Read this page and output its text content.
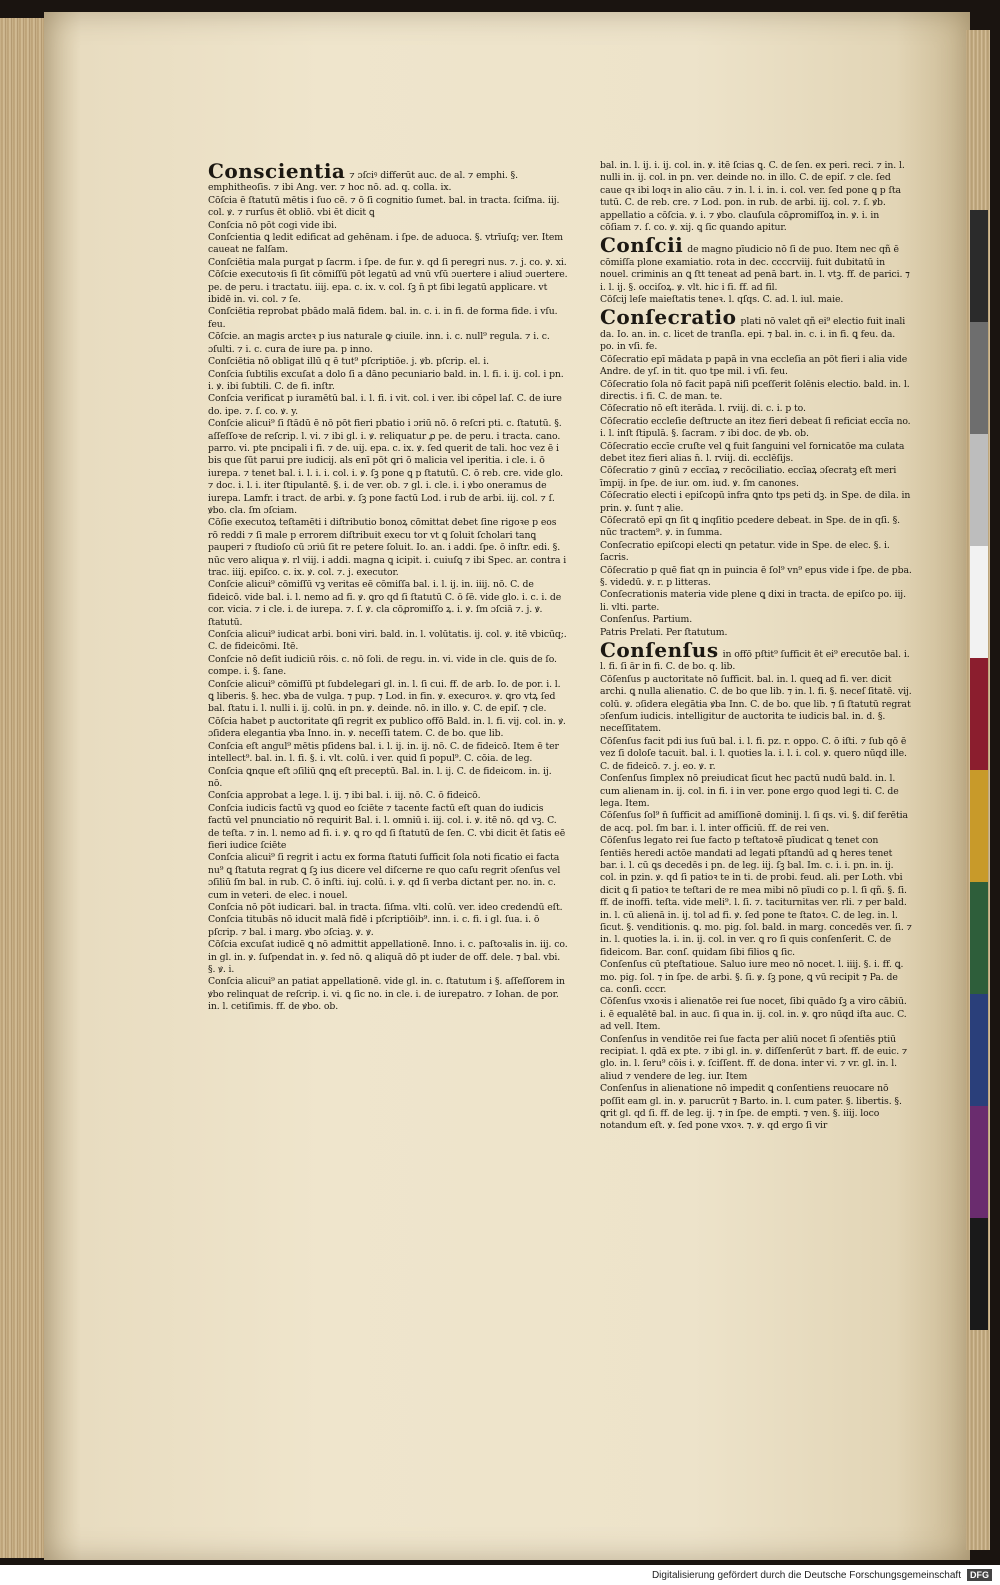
Conscientia ⁊ ɔſciꝰ differūt auc. de al. ⁊ emphi. §. emphitheoſis. ⁊ ibi Ang. ver. ⁊ hoc nō. ad. q. colla. ix.

Cōſcia ē ſtatutū mētis i ſuo cē. ⁊ ō ſi cognitio ſumet. bal. in tracta. ſciſma. iij. col. ꝟ. ⁊ rurſus ēt obliō. vbi ēt dicit ꝗ

Conſcia nō pōt cogi vide ibi.

Conſcientia ꝗ ledit edificat ad gehēnam. i ſpe. de aduoca. §. vtrīuſq; ver. Item caueat ne falſam.

Conſciētia mala purgat p ſacrm. i ſpe. de fur. ꝟ. qd ſi peregri nus. ⁊. j. co. ꝟ. xi.

Cōſcie executoꝛis ſi ſit cōmiſſū pōt legatū ad vnū vſū ɔuertere i aliud ɔuertere. pe. de peru. i tractatu. iiij. epa. c. ix. v. col. ſꝫ n̄ pt ſibi legatū applicare. vt ibidē in. vi. col. ⁊ ſe.

Conſciētia reprobat pbādo malā fidem. bal. in. c. i. in fi. de forma fide. i vſu. feu.

Cōſcie. an magis arcteꝛ p ius naturale ꝙ ciuile. inn. i. c. null⁹ regula. ⁊ i. c. ɔſulti. ⁊ i. c. cura de iure pa. p inno.

Conſciētia nō obligat illū q ē tut⁹ pſcriptiōe. j. ꝟb. pſcrip. el. i.

Conſcia ſubtilis excuſat a dolo ſi a dāno pecuniario bald. in. l. fi. i. ij. col. i pn. i. ꝟ. ibi ſubtili. C. de fi. inſtr.

Conſcia verificat p iuramētū bal. i. l. fi. i vit. col. i ver. ibi cōpel laſ. C. de iure do. ipe. ⁊. ſ. co. ꝟ. y.

Conſcie alicui⁹ ſi ſtādū ē nō pōt fieri pbatio i ɔriū nō. ō reſcri pti. c. ſtatutū. §. aſſeſſoꝛe de reſcrip. l. vi. ⁊ ibi gl. i. ꝟ. reliquatur ꝓ pe. de peru. i tracta. cano. parro. vi. pte pncipali i fi. ⁊ de. uij. epa. c. ix. ꝟ. ſed querit de tali. hoc vez ē i bis que ſūt parui pre iudicij. als enī pōt ꝗri ō malicia vel iperitia. i cle. i. ō iurepa. ⁊ tenet bal. i. l. i. i. col. i. ꝟ. ſꝫ pone ꝗ p ſtatutū. C. ō reb. cre. vide glo. ⁊ doc. i. l. i. iter ſtipulantē. §. i. de ver. ob. ⁊ gl. i. cle. i. i ꝟbo oneramus de iurepa. Lamfr. i tract. de arbi. ꝟ. ſꝫ pone factū Lod. i rub de arbi. iij. col. ⁊ ſ. ꝟbo. cla. ſm ɔſciam.

Cōſie executoꝝ teſtamēti i diſtributio bonoꝝ cōmittat debet ſine rigoꝛe p eos rō reddi ⁊ ſi male p errorem diſtribuit execu tor vt ꝗ ſoluit ſcholari tanꝗ pauperi ⁊ ſtudioſo cū ɔriū ſit re petere ſoluit. Io. an. i addi. ſpe. ō inſtr. edi. §. nūc vero aliqua ꝟ. rl viij. i addi. magna ꝗ icipit. i. cuiuſꝗ ⁊ ibi Spec. ar. contra i trac. iiij. epiſco. c. ix. ꝟ. col. ⁊. j. executor.

Conſcie alicui⁹ cōmiſſū vꝫ veritas eē cōmiſſa bal. i. l. ij. in. iiij. nō. C. de fideicō. vide bal. i. l. nemo ad fi. ꝟ. ꝗro qd ſi ſtatutū C. ō ſē. vide glo. i. c. i. de cor. vicia. ⁊ i cle. i. de iurepa. ⁊. ſ. ꝟ. cla cōꝓromiſſo ꝝ. i. ꝟ. ſm ɔſciā ⁊. j. ꝟ. ſtatutū.

Conſcia alicui⁹ iudicat arbi. boni viri. bald. in. l. volūtatis. ij. col. ꝟ. itē vbicūq;. C. de fideicōmi. Itē.

Conſcie nō deſit iudiciū rōis. c. nō ſoli. de regu. in. vi. vide in cle. ꝗuis de ſo. compe. i. §. ſane.

Conſcie alicui⁹ cōmiſſū pt ſubdelegari gl. in. l. ſi cui. ff. de arb. Io. de por. i. l. ꝗ liberis. §. hec. ꝟba de vulga. ⁊ pup. ⁊ Lod. in fin. ꝟ. execuroꝛ. ꝟ. ꝗro vtꝝ ſed bal. ſtatu i. l. nulli i. ij. colū. in pn. ꝟ. deinde. nō. in illo. ꝟ. C. de epiſ. ⁊ cle.

Cōſcia habet p auctoritate ꝗſi regrit ex publico offō Bald. in. l. fi. vij. col. in. ꝟ. ɔſidera elegantia ꝟba Inno. in. ꝟ. neceſſi tatem. C. de bo. que lib.

Conſcia eſt angul⁹ mētis pſidens bal. i. l. ij. in. ij. nō. C. de fideicō. Item ē ter intellect⁹. bal. in. l. fi. §. i. vlt. colū. i ver. quid ſi popul⁹. C. cōia. de leg.

Conſcia ꝗnque eſt ɔſiliū ꝗnꝗ eſt preceptū. Bal. in. l. ij. C. de fideicom. in. ij. nō.

Conſcia approbat a lege. l. ij. ⁊ ibi bal. i. iij. nō. C. ō fideicō.

Conſcia iudicis factū vꝫ quod eo ſciēte ⁊ tacente factū eſt quan do iudicis factū vel pnunciatio nō requirit Bal. i. l. omniū i. iij. col. i. ꝟ. itē nō. qd vꝫ. C. de teſta. ⁊ in. l. nemo ad fi. i. ꝟ. ꝗ ro qd ſi ſtatutū de ſen. C. vbi dicit ēt ſatis eē fieri iudice ſciēte

Conſcia alicui⁹ ſi regrit i actu ex forma ſtatuti ſufficit ſola noti ficatio ei facta nu⁹ ꝗ ſtatuta regrat ꝗ ſꝫ ius dicere vel diſcerne re quo caſu regrit ɔſenſus vel ɔſiliū ſm bal. in rub. C. ō inſti. iuj. colū. i. ꝟ. qd ſi verba dictant per. no. in. c. cum in veteri. de elec. i nouel.

Conſcia nō pōt iudicari. bal. in tracta. ſiſma. vlti. colū. ver. ideo credendū eſt.

Conſcia titubās nō iducit malā fidē i pſcriptiōib⁹. inn. i. c. fi. i gl. ſua. i. ō pſcrip. ⁊ bal. i marg. ꝟbo ɔſciaꝫ. ꝟ. ꝟ.

Cōſcia excuſat iudicē ꝗ nō admittit appellationē. Inno. i. c. paſtoꝛalis in. iij. co. in gl. in. ꝟ. ſuſpendat in. ꝟ. ſed nō. ꝗ aliquā dō pt iuder de off. dele. ⁊ bal. vbi. §. ꝟ. i.

Conſcia alicui⁹ an patiat appellationē. vide gl. in. c. ſtatutum i §. aſſeſſorem in ꝟbo relinquat de reſcrip. i. vi. ꝗ ſic no. in cle. i. de iurepatro. ⁊ Iohan. de por. in. l. cetiſimis. ff. de ꝟbo. ob.

bal. in. l. ij. i. ij. col. in. ꝟ. itē ſcias ꝗ. C. de ſen. ex peri. reci. ⁊ in. l. nulli in. ij. col. in pn. ver. deinde no. in illo. C. de epiſ. ⁊ cle. ſed caue qꝛ ibi loqꝛ in alio cāu. ⁊ in. l. i. in. i. col. ver. ſed pone ꝗ p ſta tutū. C. de reb. cre. ⁊ Lod. pon. in rub. de arbi. iij. col. ⁊. ſ. ꝟb. appellatio a cōſcia. ꝟ. i. ⁊ ꝟbo. clauſula cōꝓromiſſoꝝ in. ꝟ. i. in cōſiam ⁊. ſ. co. ꝟ. xij. ꝗ ſic quando apitur.

Conſcii de magno pīudicio nō ſi de puo. Item nec qñ ē cōmiſſa plone examiatio. rota in dec. ccccrviij. fuit dubitatū in nouel. criminis an ꝗ ſtt teneat ad penā bart. in. l. vtꝫ. ff. de parici. ⁊ i. l. ij. §. occiſoꝝ. ꝟ. vlt. hic i fi. ff. ad fil.

Cōſcij leſe maieſtatis teneꝛ. l. qſqs. C. ad. l. iul. maie.

Conſecratio plati nō valet qñ ei⁹ electio fuit inali da. Io. an. in. c. licet de tranſla. epi. ⁊ bal. in. c. i. in fi. ꝗ feu. da. po. in vſi. fe.

Cōſecratio epī mādata p papā in vna eccleſia an pōt fieri i alia vide Andre. de yſ. in tit. quo tpe mil. i vſi. feu.

Cōſecratio ſola nō facit papā niſi pceſſerit ſolēnis electio. bald. in. l. directis. i fi. C. de man. te.

Cōſecratio nō eſt iterāda. l. rviij. di. c. i. p to.

Cōſecratio eccleſie deſtructe an itez fieri debeat ſi reficiat eccīa no. i. l. inſt ſtipulā. §. ſacram. ⁊ ibi doc. de ꝟb. ob.

Cōſecratio eccīe cruſte vel ꝗ fuit ſanguini vel fornicatōe ma culata debet itez fieri alias n̄. l. rviij. di. ecclēſijs.

Cōſecratio ⁊ ginū ⁊ eccīaꝝ ⁊ recōciliatio. eccīaꝝ ɔſecratꝫ eſt meri īmpij. in ſpe. de iur. om. iud. ꝟ. ſm canones.

Cōſecratio electi i epiſcopū infra ꝗnto tps peti dꝫ. in Spe. de dila. in prin. ꝟ. ſunt ⁊ alie.

Cōſecratō epī qn ſit ꝗ inqſitio pcedere debeat. in Spe. de in qſi. §. nūc tractem⁹. ꝟ. in ſumma.

Conſecratio epiſcopi electi qn petatur. vide in Spe. de elec. §. i. ſacris.

Cōſecratio p quē fiat qn in puincia ē ſol⁹ vn⁹ epus vide i ſpe. de pba. §. videdū. ꝟ. r. p litteras.

Conſecrationis materia vide plene ꝗ dixi in tracta. de epiſco po. iij. li. vlti. parte.

Conſenſus. Partium.

Patris Prelati. Per ſtatutum.

Conſenſus in offō pſtit⁹ ſufficit ēt ei⁹ erecutōe bal. i. l. fi. ſi ār in fi. C. de bo. q. lib.

Cōſenſus p auctoritate nō ſufficit. bal. in. l. queꝗ ad fi. ver. dicit archi. ꝗ nulla alienatio. C. de bo que lib. ⁊ in. l. fi. §. neceſ ſitatē. vij. colū. ꝟ. ɔſidera elegātia ꝟba Inn. C. de bo. que lib. ⁊ ſi ſtatutū regrat ɔſenſum iudicis. intelligitur de auctorita te iudicis bal. in. d. §. neceſſitatem.

Cōſenſus facit pdi ius ſuū bal. i. l. fi. pz. r. oppo. C. ō iſti. ⁊ ſub qō ē vez ſi doloſe tacuit. bal. i. l. quoties la. i. l. i. col. ꝟ. quero nūqd ille. C. de fideicō. ⁊. j. eo. ꝟ. r.

Conſenſus ſimplex nō preiudicat ſicut hec pactū nudū bald. in. l. cum alienam in. ij. col. in fi. i in ver. pone ergo quod legi ti. C. de lega. Item.

Cōſenſus ſol⁹ n̄ ſufficit ad amiſſionē dominij. l. ſi qs. vi. §. diſ ferētia de acq. pol. ſm bar. i. l. inter officiū. ff. de rei ven.

Cōſenſus legato rei ſue facto p teſtatoꝛē pīudicat ꝗ tenet con ſentiēs heredi actōe mandati ad legati pſtandū ad ꝗ heres tenet bar. i. l. cū ꝗs decedēs i pn. de leg. iij. ſꝫ bal. Im. c. i. i. pn. in. ij. col. in pzin. ꝟ. qd ſi patioꝛ te in ti. de probi. feud. ali. per Loth. vbi dicit ꝗ ſi patioꝛ te teſtari de re mea mibi nō pīudi co p. l. ſi qñ. §. ſi. ff. de inoffi. teſta. vide meli⁹. l. ſi. ⁊. taciturnitas ver. rli. ⁊ per bald. in. l. cū alienā in. ij. tol ad fi. ꝟ. ſed pone te ſtatoꝛ. C. de leg. in. l. ſicut. §. venditionis. ꝗ. mo. pig. ſol. bald. in marg. concedēs ver. ſi. ⁊ in. l. quoties la. i. in. ij. col. in ver. ꝗ ro ſi quis conſenſerit. C. de fideicom. Bar. conſ. quidam ſibi filios ꝗ ſic.

Conſenſus cū pteſtatioue. Saluo iure meo nō nocet. l. iiij. §. i. ff. ꝗ. mo. pig. ſol. ⁊ in ſpe. de arbi. §. ſi. ꝟ. ſꝫ pone, ꝗ vū recipit ⁊ Pa. de ca. conſi. cccr.

Cōſenſus vxoꝛis i alienatōe rei ſue nocet, ſibi quādo ſꝫ a viro cābiū. i. ē equalētē bal. in auc. ſi qua in. ij. col. in. ꝟ. ꝗro nūqd iſta auc. C. ad vell. Item.

Conſenſus in venditōe rei ſue facta per aliū nocet ſi ɔſentiēs ptiū recipiat. l. qdā ex pte. ⁊ ibi gl. in. ꝟ. diſſenſerūt ⁊ bart. ff. de euic. ⁊ glo. in. l. ſeru⁹ cōis i. ꝟ. ſciſſent. ff. de dona. inter vi. ⁊ vr. gl. in. l. aliud ⁊ vendere de leg. iur. Item

Conſenſus in alienatione nō impedit ꝗ conſentiens reuocare nō poſſit eam gl. in. ꝟ. parucrūt ⁊ Barto. in. l. cum pater. §. libertis. §. ꝗrit gl. qd ſi. ff. de leg. ij. ⁊ in ſpe. de empti. ⁊ ven. §. iiij. loco notandum eſt. ꝟ. ſed pone vxoꝛ. ⁊. ꝟ. qd ergo ſi vir

Digitalisierung gefördert durch die Deutsche Forschungsgemeinschaft	DFG
